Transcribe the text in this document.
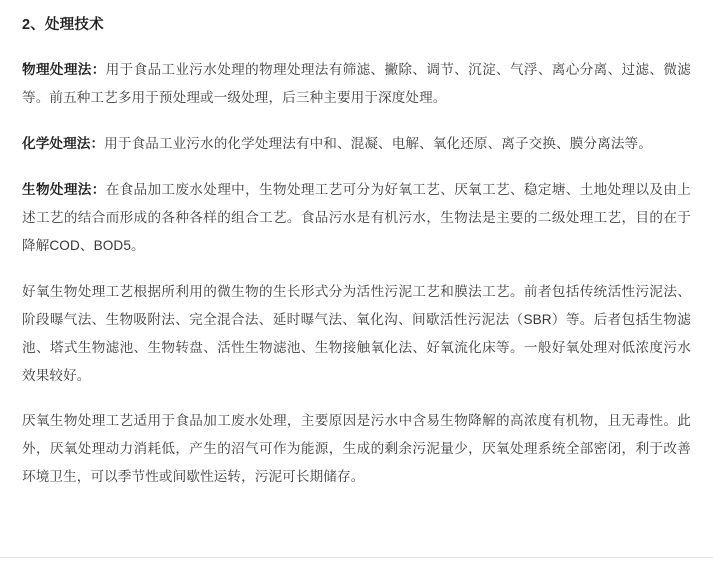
2、处理技术

物理处理法：用于食品工业污水处理的物理处理法有筛滤、撇除、调节、沉淀、气浮、离心分离、过滤、微滤等。前五种工艺多用于预处理或一级处理，后三种主要用于深度处理。

化学处理法：用于食品工业污水的化学处理法有中和、混凝、电解、氧化还原、离子交换、膜分离法等。

生物处理法：在食品加工废水处理中，生物处理工艺可分为好氧工艺、厌氧工艺、稳定塘、土地处理以及由上述工艺的结合而形成的各种各样的组合工艺。食品污水是有机污水，生物法是主要的二级处理工艺，目的在于降解COD、BOD5。

好氧生物处理工艺根据所利用的微生物的生长形式分为活性污泥工艺和膜法工艺。前者包括传统活性污泥法、阶段曝气法、生物吸附法、完全混合法、延时曝气法、氧化沟、间歇活性污泥法（SBR）等。后者包括生物滤池、塔式生物滤池、生物转盘、活性生物滤池、生物接触氧化法、好氧流化床等。一般好氧处理对低浓度污水效果较好。

厌氧生物处理工艺适用于食品加工废水处理，主要原因是污水中含易生物降解的高浓度有机物，且无毒性。此外，厌氧处理动力消耗低，产生的沼气可作为能源，生成的剩余污泥量少，厌氧处理系统全部密闭，利于改善环境卫生，可以季节性或间歇性运转，污泥可长期储存。
